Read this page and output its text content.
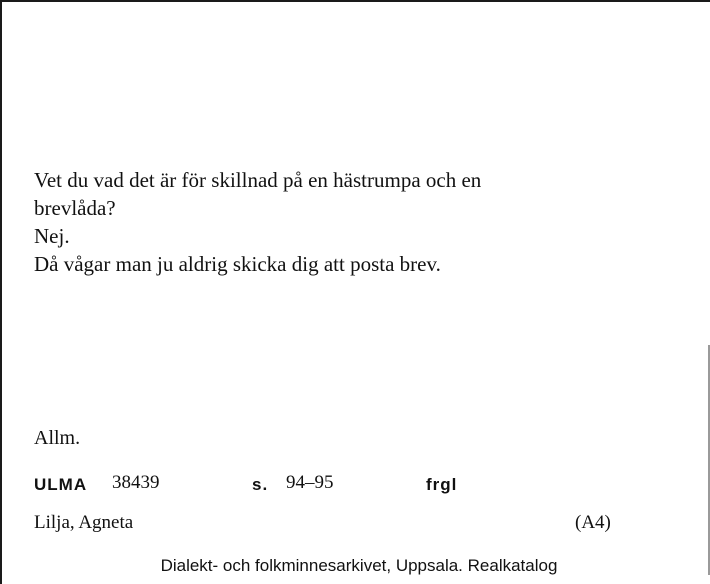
Vet du vad det är för skillnad på en hästrumpa och en

brevlåda?

Nej.

Då vågar man ju aldrig skicka dig att posta brev.

Allm.
ULMA 38439	s. 94–95	frgl
Lilja, Agneta	(A4)
Dialekt- och folkminnesarkivet, Uppsala. Realkatalog
